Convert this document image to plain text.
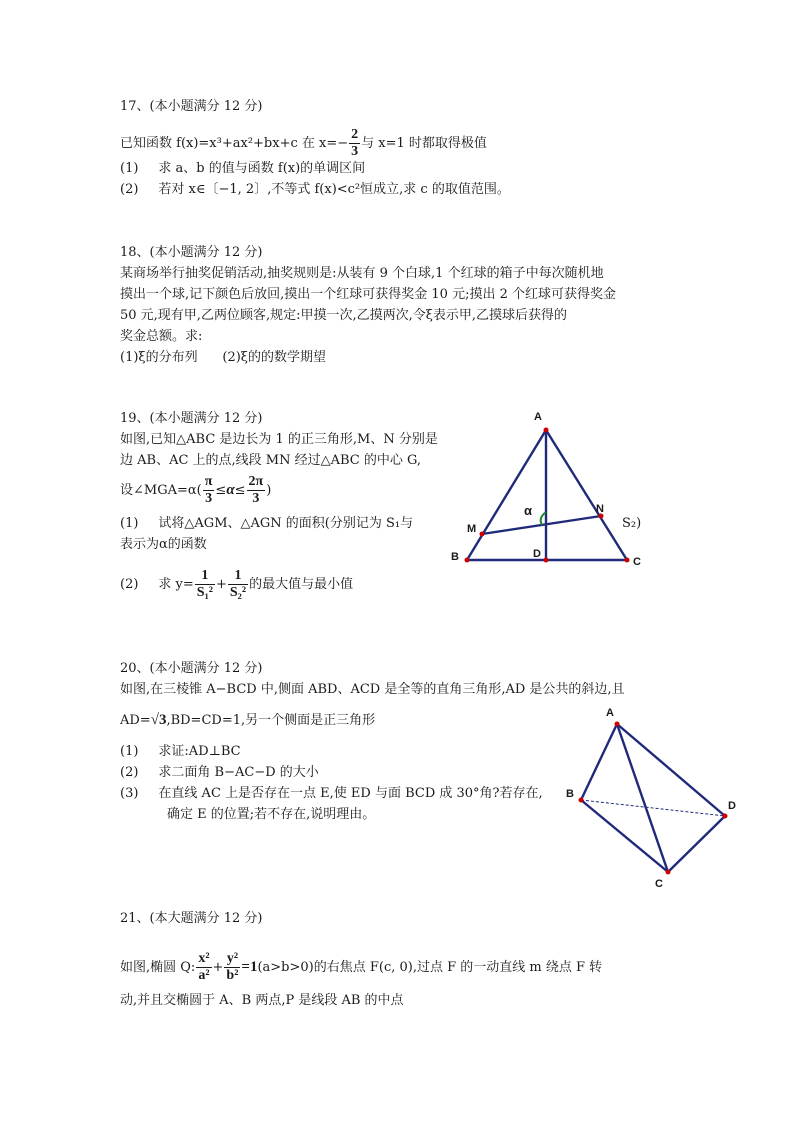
17、(本小题满分 12 分)
已知函数 f(x)=x³+ax²+bx+c 在 $x=- \frac{2}{3}$ 与 x=1 时都取得极值
(1) 求 a、b 的值与函数 f(x)的单调区间
(2) 若对 x∈〔−1, 2〕,不等式 f(x)<c²恒成立,求 c 的取值范围。
18、(本小题满分 12 分)
某商场举行抽奖促销活动,抽奖规则是:从装有 9 个白球,1 个红球的箱子中每次随机地
摸出一个球,记下颜色后放回,摸出一个红球可获得奖金 10 元;摸出 2 个红球可获得奖金
50 元,现有甲,乙两位顾客,规定:甲摸一次,乙摸两次,令ξ表示甲,乙摸球后获得的
奖金总额。求:
(1)ξ的分布列      (2)ξ的的数学期望
19、(本小题满分 12 分)
如图,已知△ABC 是边长为 1 的正三角形,M、N 分别是
边 AB、AC 上的点,线段 MN 经过△ABC 的中心 G,
设∠MGA=α( $\frac{\pi}{3} \le\alpha\le \frac{2\pi}{3}$ )
(1) 试将△AGM、△AGN 的面积(分别记为 S₁与	S₂)
表示为α的函数
(2) 求 $y= \frac{1}{\text{S₁²}} + \frac{1}{\text{S₂²}}$ 的最大值与最小值
A
B	C
D
M
N
α
20、(本小题满分 12 分)
如图,在三棱锥 A−BCD 中,侧面 ABD、ACD 是全等的直角三角形,AD 是公共的斜边,且
AD=√3,BD=CD=1,另一个侧面是正三角形
(1) 求证:AD⊥BC
(2) 求二面角 B−AC−D 的大小
(3) 在直线 AC 上是否存在一点 E,使 ED 与面 BCD 成 30°角?若存在,
确定 E 的位置;若不存在,说明理由。
A
B
C
D
21、(本大题满分 12 分)
如图,椭圆 Q: $\frac{\text{x²}}{\text{a²}} + \frac{\text{y²}}{\text{b²}} =1(a>b>0)$的右焦点 F(c, 0),过点 F 的一动直线 m 绕点 F 转
动,并且交椭圆于 A、B 两点,P 是线段 AB 的中点
